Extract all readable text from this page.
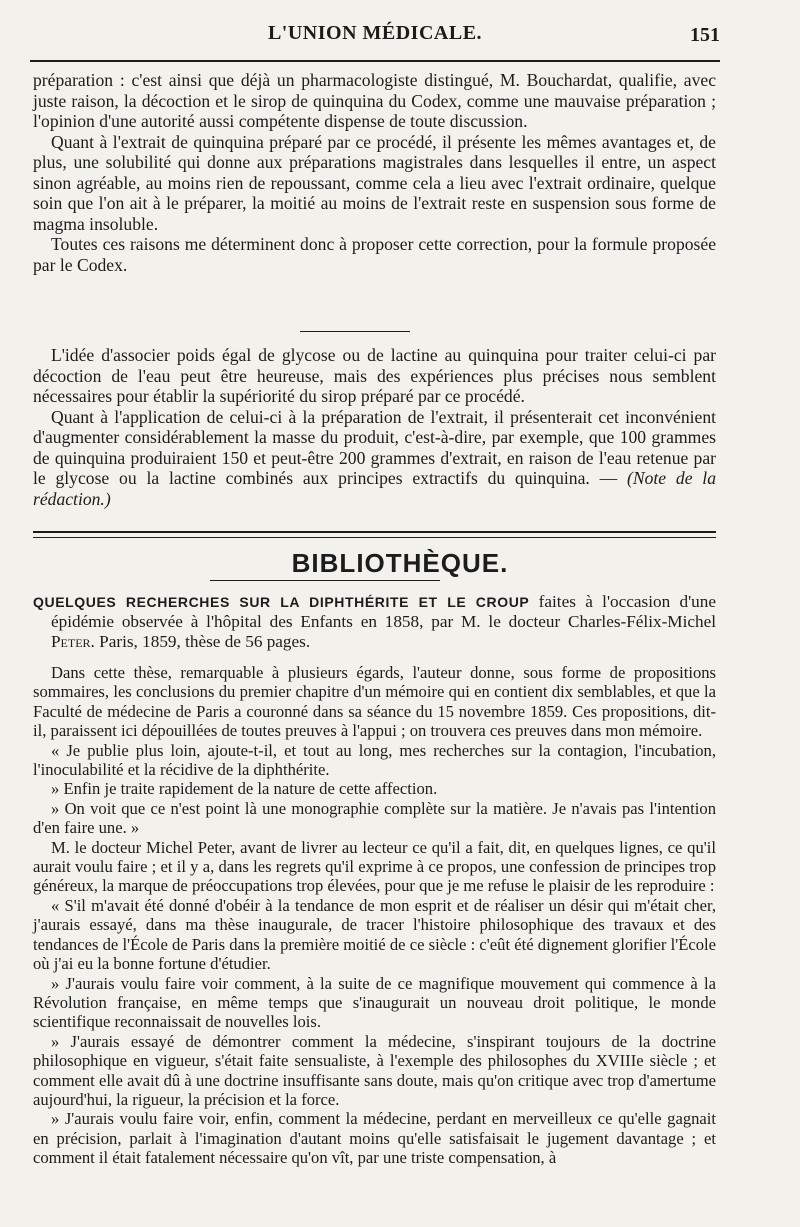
L'UNION MÉDICALE.	151

préparation : c'est ainsi que déjà un pharmacologiste distingué, M. Bouchardat, qualifie, avec juste raison, la décoction et le sirop de quinquina du Codex, comme une mauvaise préparation ; l'opinion d'une autorité aussi compétente dispense de toute discussion.

Quant à l'extrait de quinquina préparé par ce procédé, il présente les mêmes avantages et, de plus, une solubilité qui donne aux préparations magistrales dans lesquelles il entre, un aspect sinon agréable, au moins rien de repoussant, comme cela a lieu avec l'extrait ordinaire, quelque soin que l'on ait à le préparer, la moitié au moins de l'extrait reste en suspension sous forme de magma insoluble.

Toutes ces raisons me déterminent donc à proposer cette correction, pour la formule proposée par le Codex.

L'idée d'associer poids égal de glycose ou de lactine au quinquina pour traiter celui-ci par décoction de l'eau peut être heureuse, mais des expériences plus précises nous semblent nécessaires pour établir la supériorité du sirop préparé par ce procédé.

Quant à l'application de celui-ci à la préparation de l'extrait, il présenterait cet inconvénient d'augmenter considérablement la masse du produit, c'est-à-dire, par exemple, que 100 grammes de quinquina produiraient 150 et peut-être 200 grammes d'extrait, en raison de l'eau retenue par le glycose ou la lactine combinés aux principes extractifs du quinquina. — (Note de la rédaction.)

BIBLIOTHÈQUE.
QUELQUES RECHERCHES SUR LA DIPHTHÉRITE ET LE CROUP faites à l'occasion d'une épidémie observée à l'hôpital des Enfants en 1858, par M. le docteur Charles-Félix-Michel Peter. Paris, 1859, thèse de 56 pages.

Dans cette thèse, remarquable à plusieurs égards, l'auteur donne, sous forme de propositions sommaires, les conclusions du premier chapitre d'un mémoire qui en contient dix semblables, et que la Faculté de médecine de Paris a couronné dans sa séance du 15 novembre 1859. Ces propositions, dit-il, paraissent ici dépouillées de toutes preuves à l'appui ; on trouvera ces preuves dans mon mémoire.

« Je publie plus loin, ajoute-t-il, et tout au long, mes recherches sur la contagion, l'incubation, l'inoculabilité et la récidive de la diphthérite.

» Enfin je traite rapidement de la nature de cette affection.

» On voit que ce n'est point là une monographie complète sur la matière. Je n'avais pas l'intention d'en faire une. »

M. le docteur Michel Peter, avant de livrer au lecteur ce qu'il a fait, dit, en quelques lignes, ce qu'il aurait voulu faire ; et il y a, dans les regrets qu'il exprime à ce propos, une confession de principes trop généreux, la marque de préoccupations trop élevées, pour que je me refuse le plaisir de les reproduire :

« S'il m'avait été donné d'obéir à la tendance de mon esprit et de réaliser un désir qui m'était cher, j'aurais essayé, dans ma thèse inaugurale, de tracer l'histoire philosophique des travaux et des tendances de l'École de Paris dans la première moitié de ce siècle : c'eût été dignement glorifier l'École où j'ai eu la bonne fortune d'étudier.

» J'aurais voulu faire voir comment, à la suite de ce magnifique mouvement qui commence à la Révolution française, en même temps que s'inaugurait un nouveau droit politique, le monde scientifique reconnaissait de nouvelles lois.

» J'aurais essayé de démontrer comment la médecine, s'inspirant toujours de la doctrine philosophique en vigueur, s'était faite sensualiste, à l'exemple des philosophes du XVIIIe siècle ; et comment elle avait dû à une doctrine insuffisante sans doute, mais qu'on critique avec trop d'amertume aujourd'hui, la rigueur, la précision et la force.

» J'aurais voulu faire voir, enfin, comment la médecine, perdant en merveilleux ce qu'elle gagnait en précision, parlait à l'imagination d'autant moins qu'elle satisfaisait le jugement davantage ; et comment il était fatalement nécessaire qu'on vît, par une triste compensation, à
